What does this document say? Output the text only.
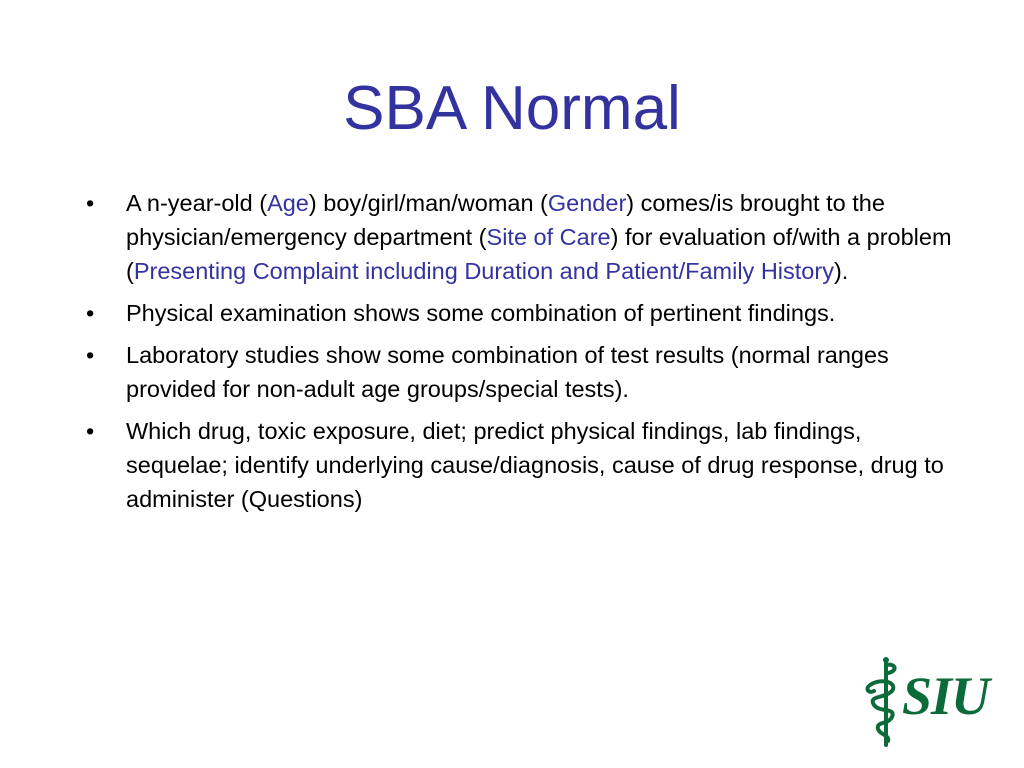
SBA Normal
• A n-year-old (Age) boy/girl/man/woman (Gender) comes/is brought to the physician/emergency department (Site of Care) for evaluation of/with a problem (Presenting Complaint including Duration and Patient/Family History).
• Physical examination shows some combination of pertinent findings.
• Laboratory studies show some combination of test results (normal ranges provided for non-adult age groups/special tests).
• Which drug, toxic exposure, diet; predict physical findings, lab findings, sequelae; identify underlying cause/diagnosis, cause of drug response, drug to administer (Questions)
SIU
